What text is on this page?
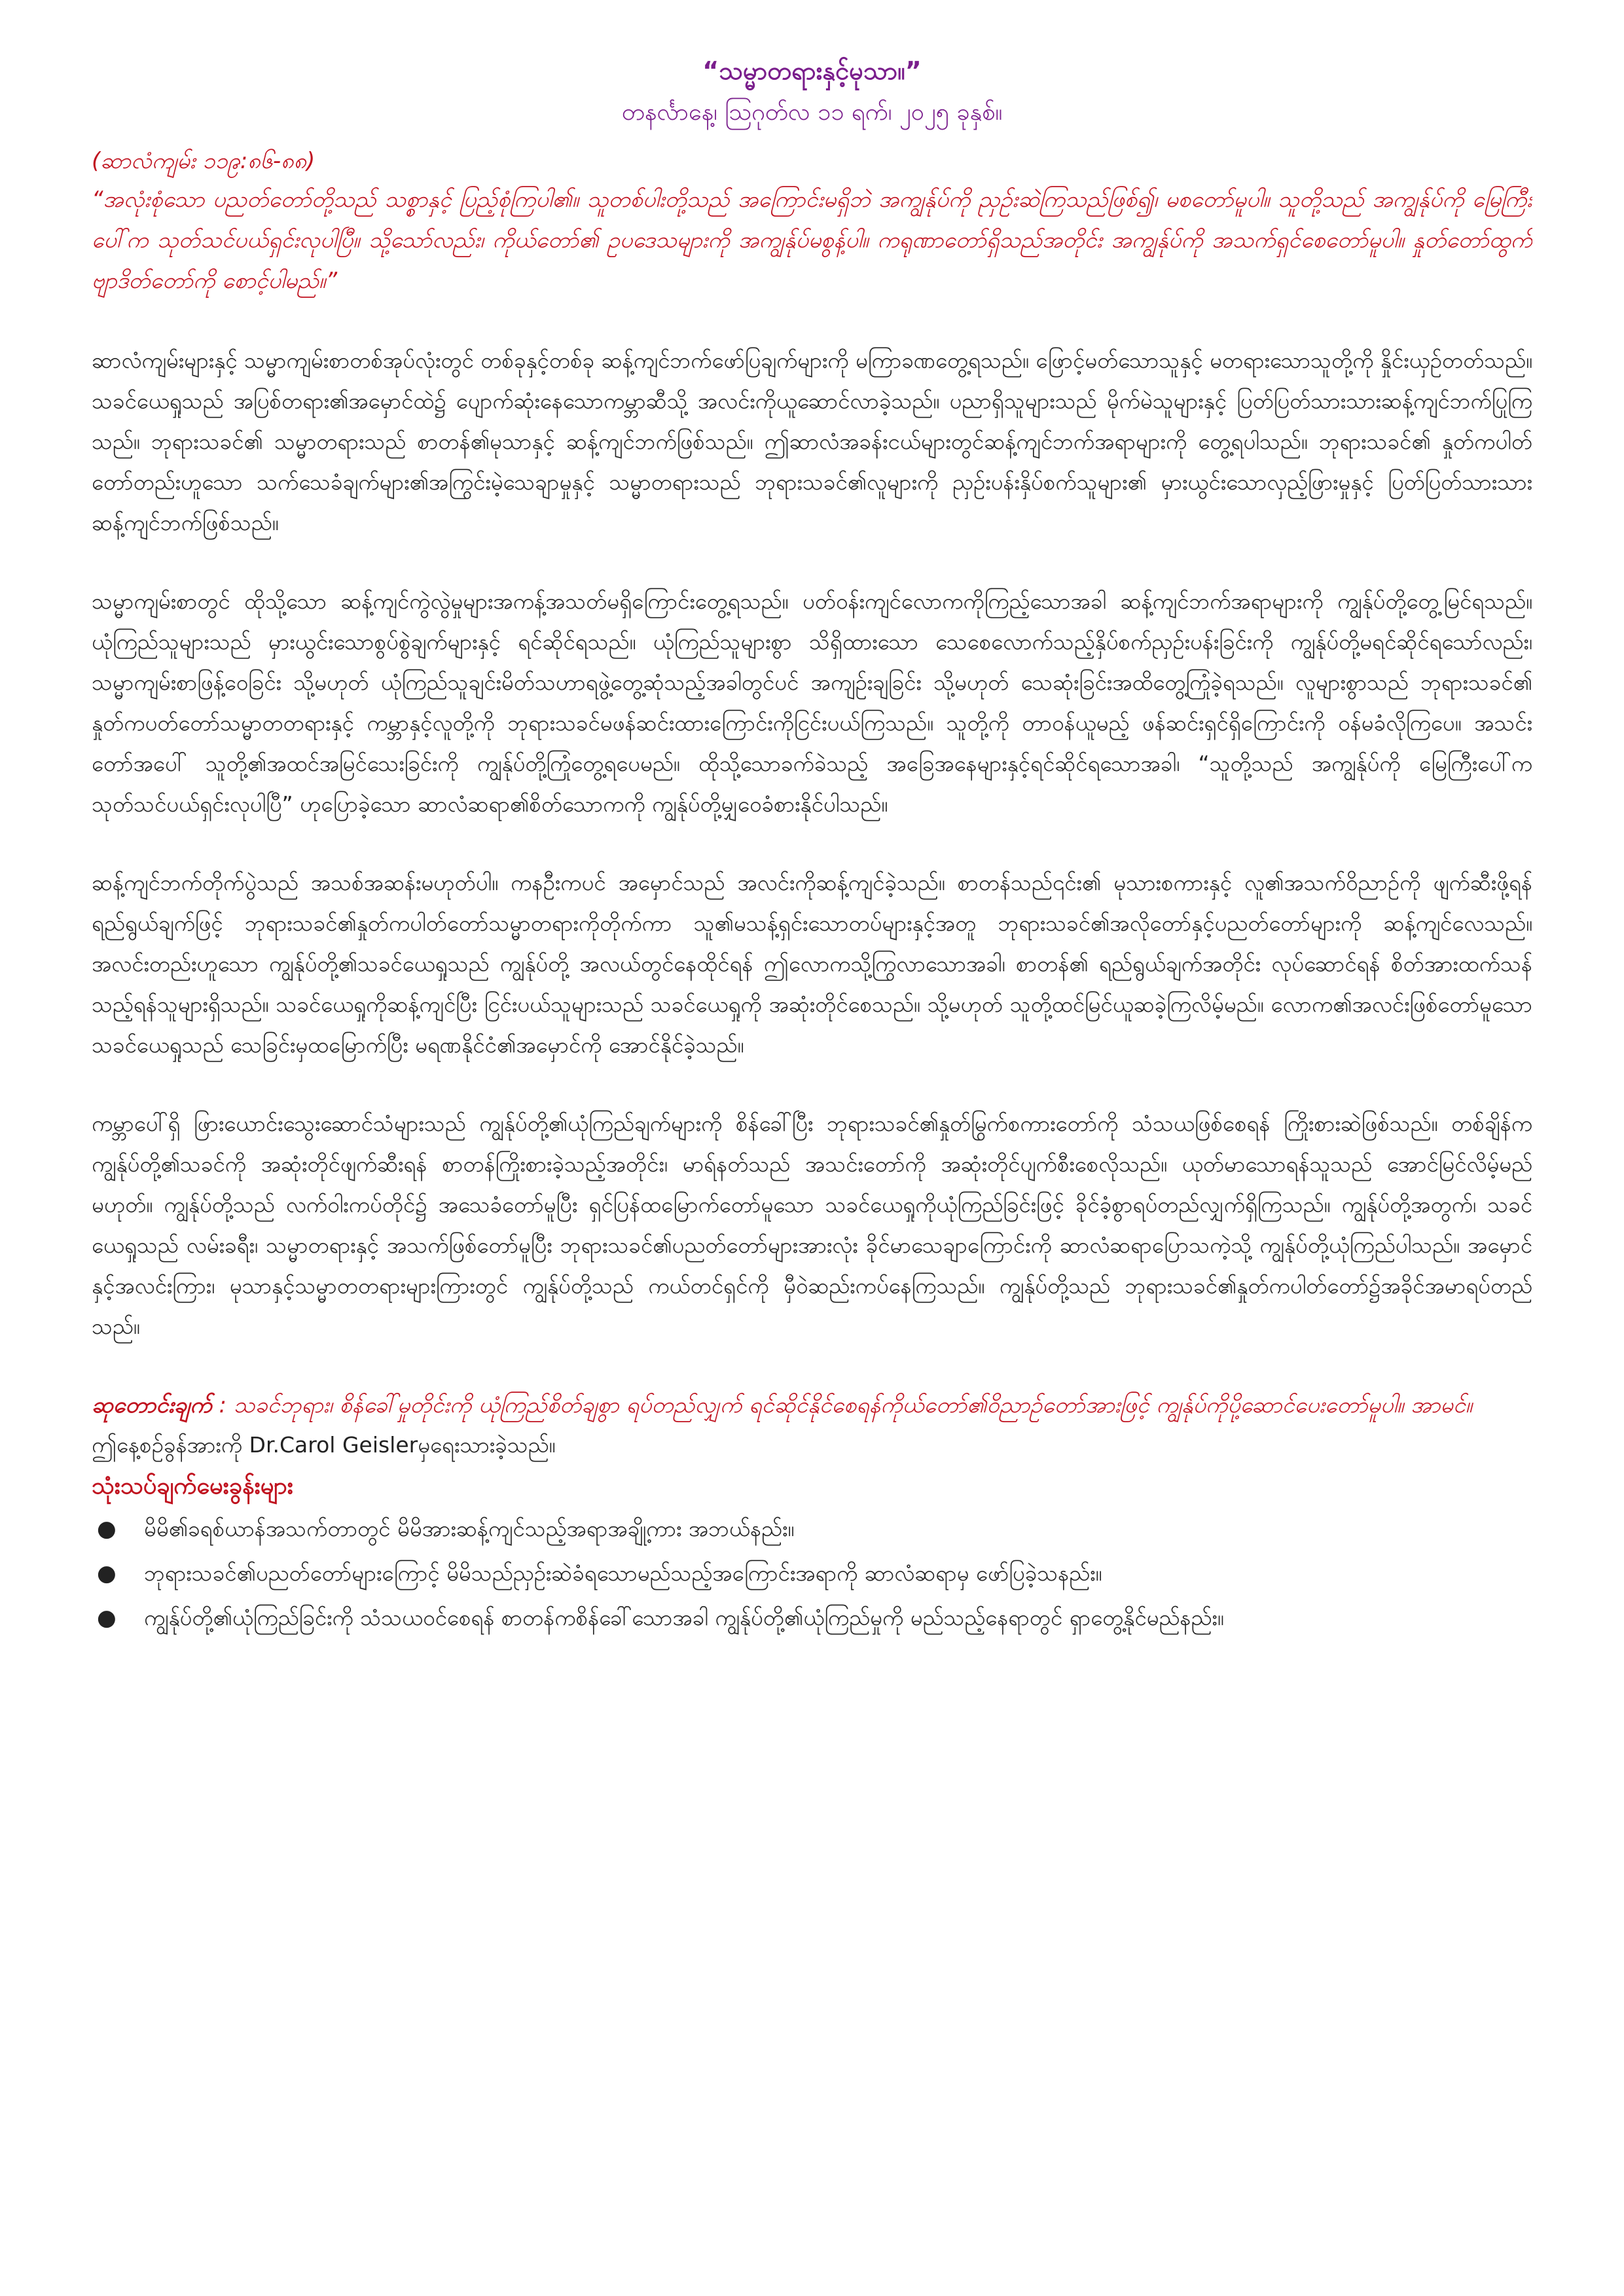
“သမ္မာတရားနှင့်မုသာ။”

တနင်္လာနေ့၊ ဩဂုတ်လ ၁၁ ရက်၊ ၂၀၂၅ ခုနှစ်။

(ဆာလံကျမ်း ၁၁၉:၈၆-၈၈)

“အလုံးစုံသော ပညတ်တော်တို့သည် သစ္စာနှင့် ပြည့်စုံကြပါ၏။ သူတစ်ပါးတို့သည် အကြောင်းမရှိဘဲ အကျွန်ုပ်ကို ညှဉ်းဆဲကြသည်ဖြစ်၍၊ မစတော်မူပါ။ သူတို့သည် အကျွန်ုပ်ကို မြေကြီးပေါ်က သုတ်သင်ပယ်ရှင်းလုပါပြီ။ သို့သော်လည်း၊ ကိုယ်တော်၏ ဥပဒေသများကို အကျွန်ုပ်မစွန့်ပါ။ ကရုဏာတော်ရှိသည်အတိုင်း အကျွန်ုပ်ကို အသက်ရှင်စေတော်မူပါ။ နှုတ်တော်ထွက် ဗျာဒိတ်တော်ကို စောင့်ပါမည်။”

ဆာလံကျမ်းများနှင့် သမ္မာကျမ်းစာတစ်အုပ်လုံးတွင် တစ်ခုနှင့်တစ်ခု ဆန့်ကျင်ဘက်ဖော်ပြချက်များကို မကြာခဏတွေ့ရသည်။ ဖြောင့်မတ်သောသူနှင့် မတရားသောသူတို့ကို နှိုင်းယှဉ်တတ်သည်။ သခင်ယေရှုသည် အပြစ်တရား၏အမှောင်ထဲ၌ ပျောက်ဆုံးနေသောကမ္ဘာဆီသို့ အလင်းကိုယူဆောင်လာခဲ့သည်။ ပညာရှိသူများသည် မိုက်မဲသူများနှင့် ပြတ်ပြတ်သားသားဆန့်ကျင်ဘက်ပြုကြသည်။ ဘုရားသခင်၏ သမ္မာတရားသည် စာတန်၏မုသာနှင့် ဆန့်ကျင်ဘက်ဖြစ်သည်။ ဤဆာလံအခန်းငယ်များတွင်ဆန့်ကျင်ဘက်အရာများကို တွေ့ရပါသည်။ ဘုရားသခင်၏ နှုတ်ကပါတ်တော်တည်းဟူသော သက်သေခံချက်များ၏အကြွင်းမဲ့သေချာမှုနှင့် သမ္မာတရားသည် ဘုရားသခင်၏လူများကို ညှဉ်းပန်းနှိပ်စက်သူများ၏ မှားယွင်းသောလှည့်ဖြားမှုနှင့် ပြတ်ပြတ်သားသား ဆန့်ကျင်ဘက်ဖြစ်သည်။

သမ္မာကျမ်းစာတွင် ထိုသို့သော ဆန့်ကျင်ကွဲလွဲမှုများအကန့်အသတ်မရှိကြောင်းတွေ့ရသည်။ ပတ်ဝန်းကျင်လောကကိုကြည့်သောအခါ ဆန့်ကျင်ဘက်အရာများကို ကျွန်ုပ်တို့တွေ့မြင်ရသည်။ ယုံကြည်သူများသည် မှားယွင်းသောစွပ်စွဲချက်များနှင့် ရင်ဆိုင်ရသည်။ ယုံကြည်သူများစွာ သိရှိထားသော သေစေလောက်သည့်နှိပ်စက်ညှဉ်းပန်းခြင်းကို ကျွန်ုပ်တို့မရင်ဆိုင်ရသော်လည်း၊ သမ္မာကျမ်းစာဖြန့်ဝေခြင်း သို့မဟုတ် ယုံကြည်သူချင်းမိတ်သဟာရဖွဲ့တွေ့ဆုံသည့်အခါတွင်ပင် အကျဉ်းချခြင်း သို့မဟုတ် သေဆုံးခြင်းအထိတွေ့ကြုံခဲ့ရသည်။ လူများစွာသည် ဘုရားသခင်၏ နှုတ်ကပတ်တော်သမ္မာတတရားနှင့် ကမ္ဘာနှင့်လူတို့ကို ဘုရားသခင်မဖန်ဆင်းထားကြောင်းကိုငြင်းပယ်ကြသည်။ သူတို့ကို တာဝန်ယူမည့် ဖန်ဆင်းရှင်ရှိကြောင်းကို ဝန်မခံလိုကြပေ။ အသင်းတော်အပေါ် သူတို့၏အထင်အမြင်သေးခြင်းကို ကျွန်ုပ်တို့ကြုံတွေ့ရပေမည်။ ထိုသို့သောခက်ခဲသည့် အခြေအနေများနှင့်ရင်ဆိုင်ရသောအခါ၊ “သူတို့သည် အကျွန်ုပ်ကို မြေကြီးပေါ်က သုတ်သင်ပယ်ရှင်းလုပါပြီ” ဟုပြောခဲ့သော ဆာလံဆရာ၏စိတ်သောကကို ကျွန်ုပ်တို့မျှဝေခံစားနိုင်ပါသည်။

ဆန့်ကျင်ဘက်တိုက်ပွဲသည် အသစ်အဆန်းမဟုတ်ပါ။ ကနဦးကပင် အမှောင်သည် အလင်းကိုဆန့်ကျင်ခဲ့သည်။ စာတန်သည်၎င်း၏ မုသားစကားနှင့် လူ၏အသက်ဝိညာဉ်ကို ဖျက်ဆီးဖို့ရန် ရည်ရွယ်ချက်ဖြင့် ဘုရားသခင်၏နှုတ်ကပါတ်တော်သမ္မာတရားကိုတိုက်ကာ သူ၏မသန့်ရှင်းသောတပ်များနှင့်အတူ ဘုရားသခင်၏အလိုတော်နှင့်ပညတ်တော်များကို ဆန့်ကျင်လေသည်။ အလင်းတည်းဟူသော ကျွန်ုပ်တို့၏သခင်ယေရှုသည် ကျွန်ုပ်တို့ အလယ်တွင်နေထိုင်ရန် ဤလောကသို့ကြွလာသောအခါ၊ စာတန်၏ ရည်ရွယ်ချက်အတိုင်း လုပ်ဆောင်ရန် စိတ်အားထက်သန်သည့်ရန်သူများရှိသည်။ သခင်ယေရှုကိုဆန့်ကျင်ပြီး ငြင်းပယ်သူများသည် သခင်ယေရှုကို အဆုံးတိုင်စေသည်။ သို့မဟုတ် သူတို့ထင်မြင်ယူဆခဲ့ကြလိမ့်မည်။ လောက၏အလင်းဖြစ်တော်မူသော သခင်ယေရှုသည် သေခြင်းမှထမြောက်ပြီး မရဏနိုင်ငံ၏အမှောင်ကို အောင်နိုင်ခဲ့သည်။

ကမ္ဘာပေါ်ရှိ ဖြားယောင်းသွေးဆောင်သံများသည် ကျွန်ုပ်တို့၏ယုံကြည်ချက်များကို စိန်ခေါ်ပြီး ဘုရားသခင်၏နှုတ်မြွက်စကားတော်ကို သံသယဖြစ်စေရန် ကြိုးစားဆဲဖြစ်သည်။ တစ်ချိန်က ကျွန်ုပ်တို့၏သခင်ကို အဆုံးတိုင်ဖျက်ဆီးရန် စာတန်ကြိုးစားခဲ့သည့်အတိုင်း၊ မာရ်နတ်သည် အသင်းတော်ကို အဆုံးတိုင်ပျက်စီးစေလိုသည်။ ယုတ်မာသောရန်သူသည် အောင်မြင်လိမ့်မည် မဟုတ်။ ကျွန်ုပ်တို့သည် လက်ဝါးကပ်တိုင်၌ အသေခံတော်မူပြီး ရှင်ပြန်ထမြောက်တော်မူသော သခင်ယေရှုကိုယုံကြည်ခြင်းဖြင့် ခိုင်ခံ့စွာရပ်တည်လျှက်ရှိကြသည်။ ကျွန်ုပ်တို့အတွက်၊ သခင်ယေရှုသည် လမ်းခရီး၊ သမ္မာတရားနှင့် အသက်ဖြစ်တော်မူပြီး ဘုရားသခင်၏ပညတ်တော်များအားလုံး ခိုင်မာသေချာကြောင်းကို ဆာလံဆရာပြောသကဲ့သို့ ကျွန်ုပ်တို့ယုံကြည်ပါသည်။ အမှောင်နှင့်အလင်းကြား၊ မုသာနှင့်သမ္မာတတရားများကြားတွင် ကျွန်ုပ်တို့သည် ကယ်တင်ရှင်ကို မှီဝဲဆည်းကပ်နေကြသည်။ ကျွန်ုပ်တို့သည် ဘုရားသခင်၏နှုတ်ကပါတ်တော်၌အခိုင်အမာရပ်တည်သည်။

ဆုတောင်းချက် : သခင်ဘုရား၊ စိန်ခေါ်မှုတိုင်းကို ယုံကြည်စိတ်ချစွာ ရပ်တည်လျှက် ရင်ဆိုင်နိုင်စေရန်ကိုယ်တော်၏ဝိညာဉ်တော်အားဖြင့် ကျွန်ုပ်ကိုပို့ဆောင်ပေးတော်မူပါ။ အာမင်။

ဤနေ့စဉ်ခွန်အားကို Dr.Carol Geislerမှရေးသားခဲ့သည်။

သုံးသပ်ချက်မေးခွန်းများ

● မိမိ၏ခရစ်ယာန်အသက်တာတွင် မိမိအားဆန့်ကျင်သည့်အရာအချို့ကား အဘယ်နည်း။
● ဘုရားသခင်၏ပညတ်တော်များကြောင့် မိမိသည်ညှဉ်းဆဲခံရသောမည်သည့်အကြောင်းအရာကို ဆာလံဆရာမှ ဖော်ပြခဲ့သနည်း။
● ကျွန်ုပ်တို့၏ယုံကြည်ခြင်းကို သံသယဝင်စေရန် စာတန်ကစိန်ခေါ်သောအခါ ကျွန်ုပ်တို့၏ယုံကြည်မှုကို မည်သည့်နေရာတွင် ရှာတွေ့နိုင်မည်နည်း။
